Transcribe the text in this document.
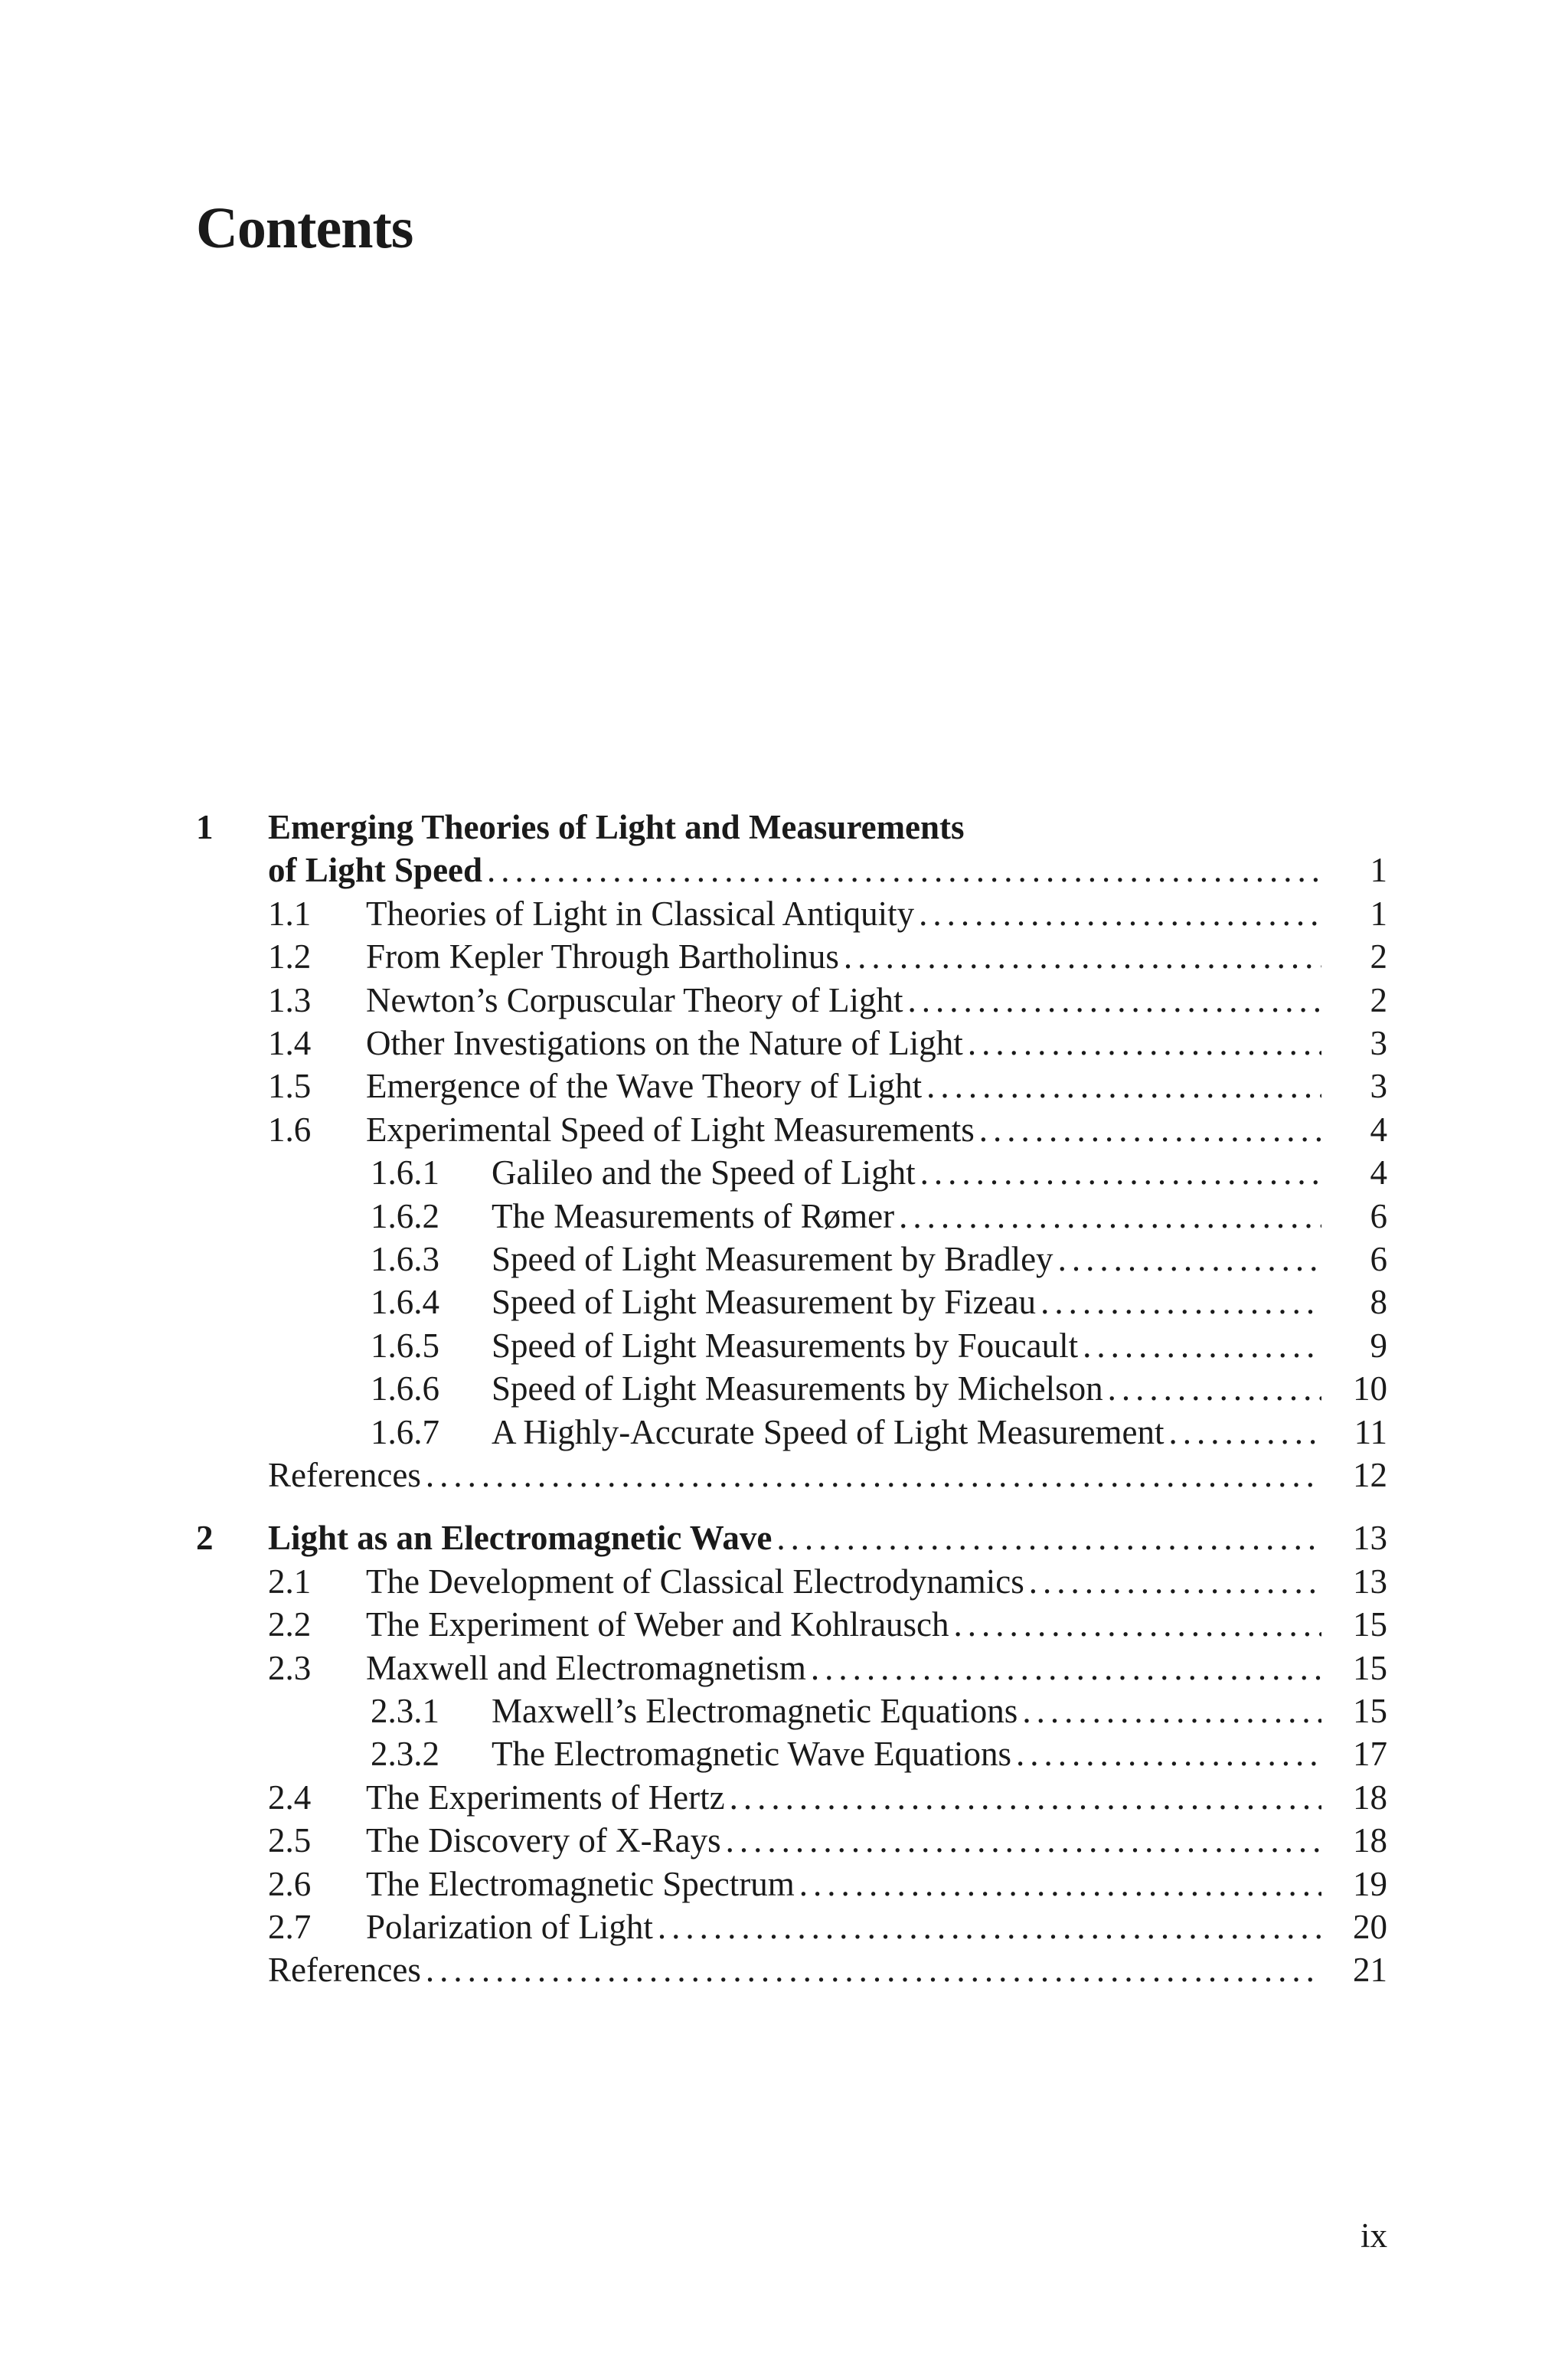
Contents
1 Emerging Theories of Light and Measurements
of Light Speed .....	1
1.1 Theories of Light in Classical Antiquity .....	1
1.2 From Kepler Through Bartholinus .....	2
1.3 Newton’s Corpuscular Theory of Light .....	2
1.4 Other Investigations on the Nature of Light .....	3
1.5 Emergence of the Wave Theory of Light .....	3
1.6 Experimental Speed of Light Measurements .....	4
1.6.1 Galileo and the Speed of Light .....	4
1.6.2 The Measurements of Rømer .....	6
1.6.3 Speed of Light Measurement by Bradley .....	6
1.6.4 Speed of Light Measurement by Fizeau .....	8
1.6.5 Speed of Light Measurements by Foucault .....	9
1.6.6 Speed of Light Measurements by Michelson .....	10
1.6.7 A Highly-Accurate Speed of Light Measurement .....	11
References .....	12
2 Light as an Electromagnetic Wave .....	13
2.1 The Development of Classical Electrodynamics .....	13
2.2 The Experiment of Weber and Kohlrausch .....	15
2.3 Maxwell and Electromagnetism .....	15
2.3.1 Maxwell’s Electromagnetic Equations .....	15
2.3.2 The Electromagnetic Wave Equations .....	17
2.4 The Experiments of Hertz .....	18
2.5 The Discovery of X-Rays .....	18
2.6 The Electromagnetic Spectrum .....	19
2.7 Polarization of Light .....	20
References .....	21
ix
